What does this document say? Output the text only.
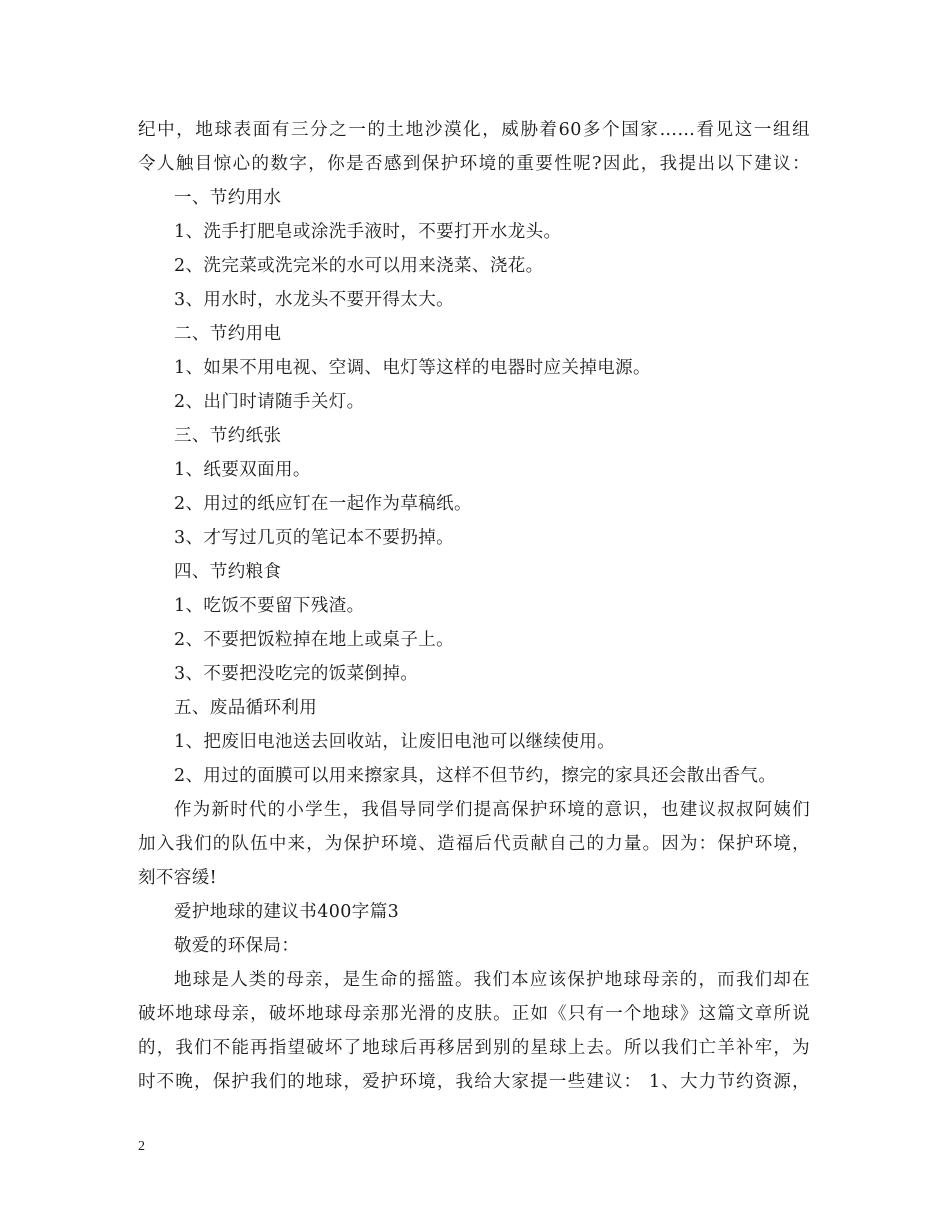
纪中，地球表面有三分之一的土地沙漠化，威胁着60多个国家……看见这一组组
令人触目惊心的数字，你是否感到保护环境的重要性呢?因此，我提出以下建议：
一、节约用水
1、洗手打肥皂或涂洗手液时，不要打开水龙头。
2、洗完菜或洗完米的水可以用来浇菜、浇花。
3、用水时，水龙头不要开得太大。
二、节约用电
1、如果不用电视、空调、电灯等这样的电器时应关掉电源。
2、出门时请随手关灯。
三、节约纸张
1、纸要双面用。
2、用过的纸应钉在一起作为草稿纸。
3、才写过几页的笔记本不要扔掉。
四、节约粮食
1、吃饭不要留下残渣。
2、不要把饭粒掉在地上或桌子上。
3、不要把没吃完的饭菜倒掉。
五、废品循环利用
1、把废旧电池送去回收站，让废旧电池可以继续使用。
2、用过的面膜可以用来擦家具，这样不但节约，擦完的家具还会散出香气。
作为新时代的小学生，我倡导同学们提高保护环境的意识，也建议叔叔阿姨们
加入我们的队伍中来，为保护环境、造福后代贡献自己的力量。因为：保护环境，
刻不容缓!
爱护地球的建议书400字篇3
敬爱的环保局：
地球是人类的母亲，是生命的摇篮。我们本应该保护地球母亲的，而我们却在
破坏地球母亲，破坏地球母亲那光滑的皮肤。正如《只有一个地球》这篇文章所说
的，我们不能再指望破坏了地球后再移居到别的星球上去。所以我们亡羊补牢，为
时不晚，保护我们的地球，爱护环境，我给大家提一些建议： 1、大力节约资源，
2
